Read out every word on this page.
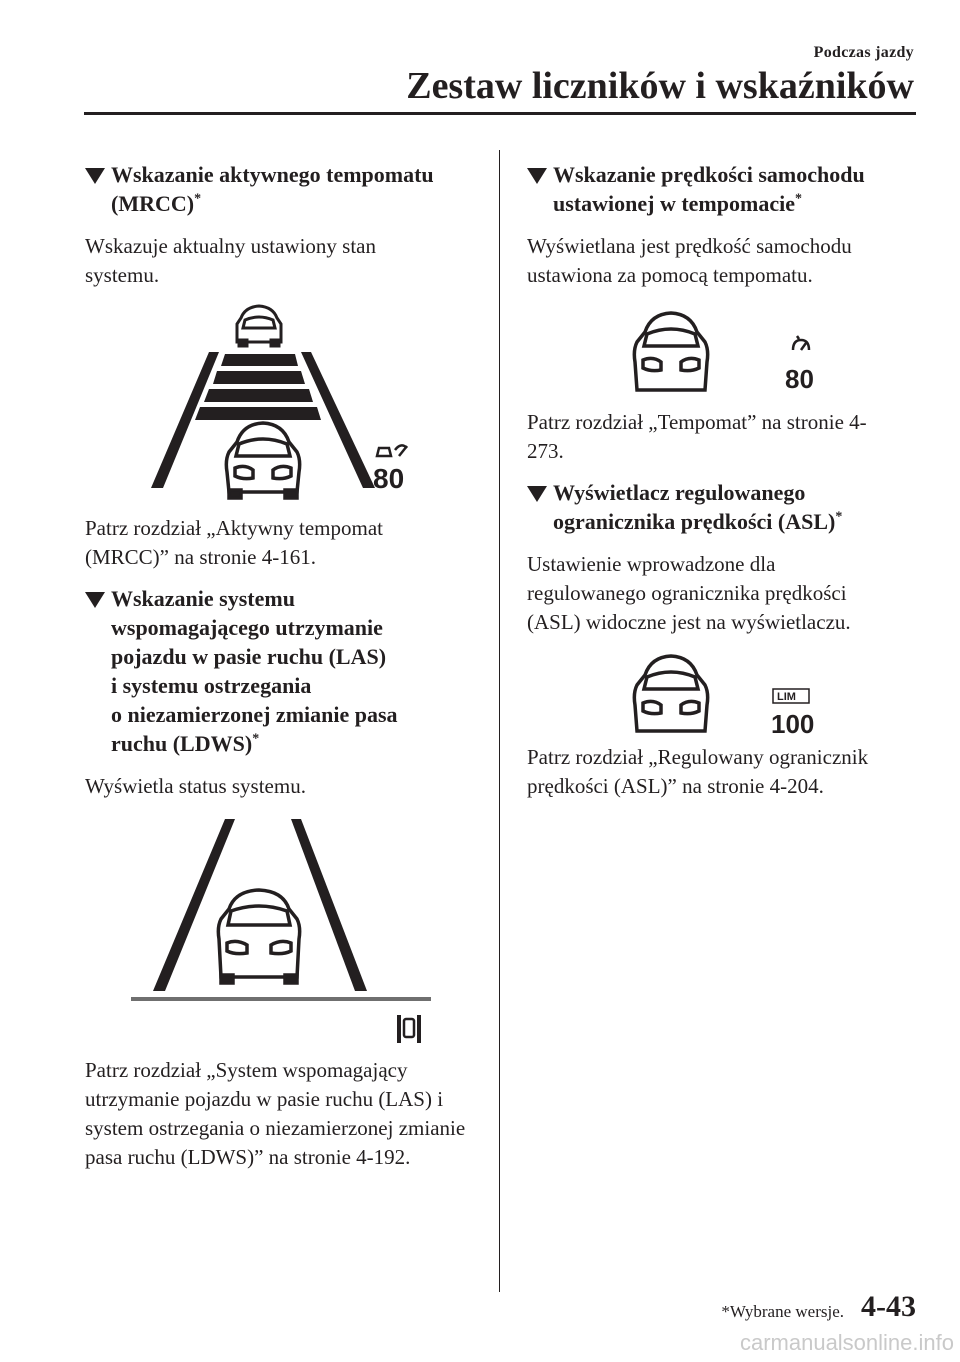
Podczas jazdy
Zestaw liczników i wskaźników
Wskazanie aktywnego tempomatu
(MRCC)*

Wskazuje aktualny ustawiony stan systemu.

80

Patrz rozdział „Aktywny tempomat (MRCC)” na stronie 4-161.

Wskazanie systemu
wspomagającego utrzymanie
pojazdu w pasie ruchu (LAS)
i systemu ostrzegania
o niezamierzonej zmianie pasa
ruchu (LDWS)*

Wyświetla status systemu.

Patrz rozdział „System wspomagający utrzymanie pojazdu w pasie ruchu (LAS) i system ostrzegania o niezamierzonej zmianie pasa ruchu (LDWS)” na stronie 4-192.

Wskazanie prędkości samochodu
ustawionej w tempomacie*

Wyświetlana jest prędkość samochodu ustawiona za pomocą tempomatu.

80

Patrz rozdział „Tempomat” na stronie 4-273.

Wyświetlacz regulowanego
ogranicznika prędkości (ASL)*

Ustawienie wprowadzone dla regulowanego ogranicznika prędkości (ASL) widoczne jest na wyświetlaczu.

LIM
100

Patrz rozdział „Regulowany ogranicznik prędkości (ASL)” na stronie 4-204.

*Wybrane wersje. 4-43
carmanualsonline.info
